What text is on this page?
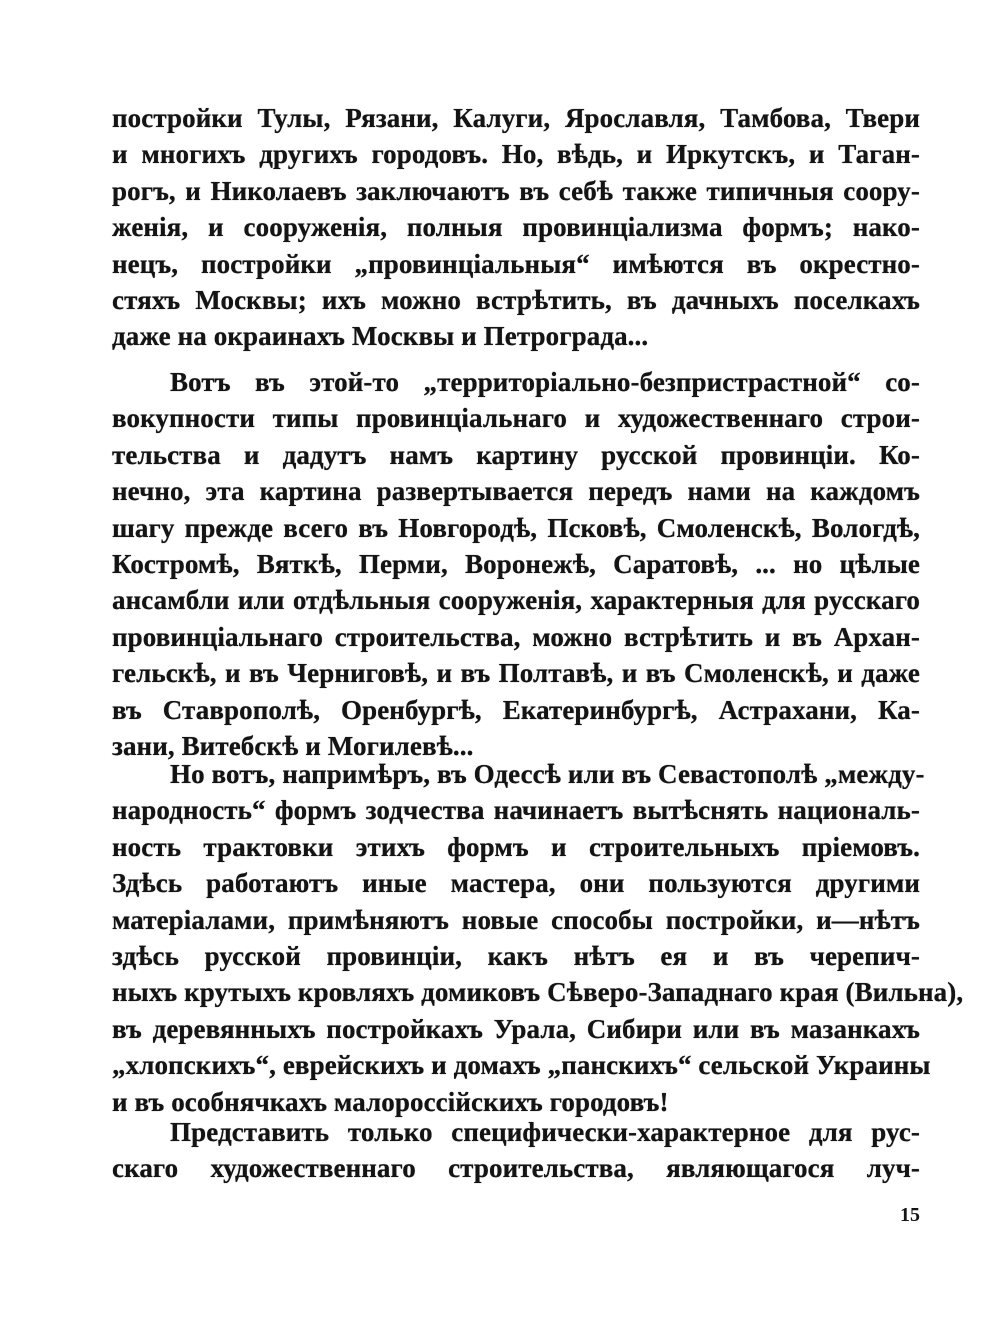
постройки Тулы, Рязани, Калуги, Ярославля, Тамбова, Твери
и многихъ другихъ городовъ. Но, вѣдь, и Иркутскъ, и Таган-
рогъ, и Николаевъ заключаютъ въ себѣ также типичныя соору-
женія, и сооруженія, полныя провинціализма формъ; нако-
нецъ, постройки „провинціальныя“ имѣются въ окрестно-
стяхъ Москвы; ихъ можно встрѣтить, въ дачныхъ поселкахъ
даже на окраинахъ Москвы и Петрограда...
Вотъ въ этой-то „территоріально-безпристрастной“ со-
вокупности типы провинціальнаго и художественнаго строи-
тельства и дадутъ намъ картину русской провинціи. Ко-
нечно, эта картина развертывается передъ нами на каждомъ
шагу прежде всего въ Новгородѣ, Псковѣ, Смоленскѣ, Вологдѣ,
Костромѣ, Вяткѣ, Перми, Воронежѣ, Саратовѣ, ... но цѣлые
ансамбли или отдѣльныя сооруженія, характерныя для русскаго
провинціальнаго строительства, можно встрѣтить и въ Архан-
гельскѣ, и въ Черниговѣ, и въ Полтавѣ, и въ Смоленскѣ, и даже
въ Ставрополѣ, Оренбургѣ, Екатеринбургѣ, Астрахани, Ка-
зани, Витебскѣ и Могилевѣ...
Но вотъ, напримѣръ, въ Одессѣ или въ Севастополѣ „между-
народность“ формъ зодчества начинаетъ вытѣснять националь-
ность трактовки этихъ формъ и строительныхъ пріемовъ.
Здѣсь работаютъ иные мастера, они пользуются другими
матеріалами, примѣняютъ новые способы постройки, и—нѣтъ
здѣсь русской провинціи, какъ нѣтъ ея и въ черепич-
ныхъ крутыхъ кровляхъ домиковъ Сѣверо-Западнаго края (Вильна),
въ деревянныхъ постройкахъ Урала, Сибири или въ мазанкахъ
„хлопскихъ“, еврейскихъ и домахъ „панскихъ“ сельской Украины
и въ особнячкахъ малороссійскихъ городовъ!
Представить только специфически-характерное для рус-
скаго художественнаго строительства, являющагося луч-
15
